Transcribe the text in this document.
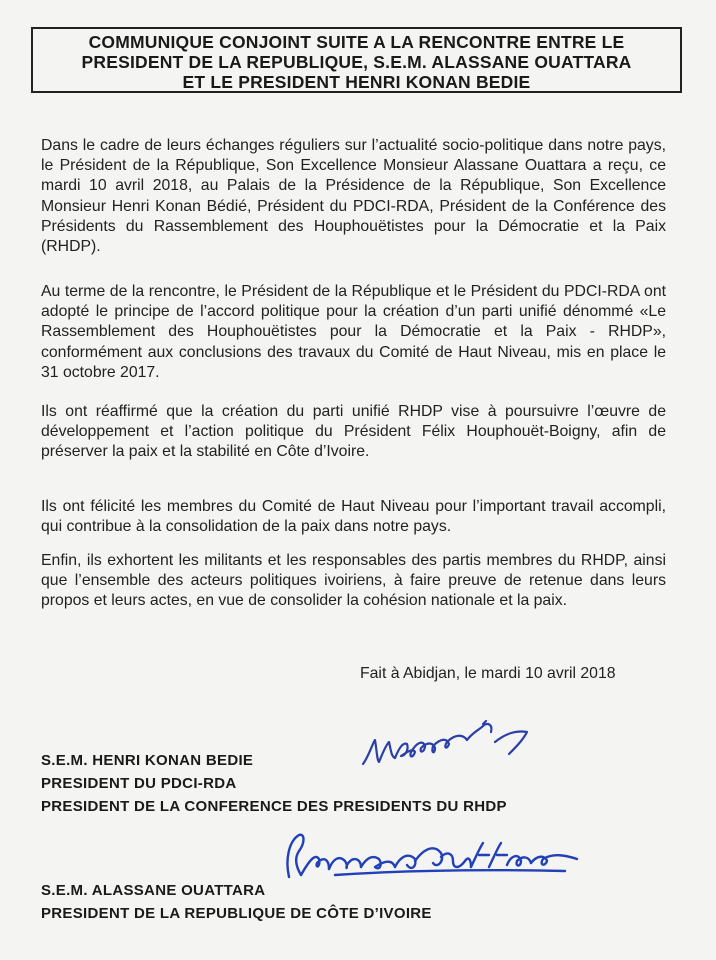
COMMUNIQUE CONJOINT SUITE A LA RENCONTRE ENTRE LE
PRESIDENT DE LA REPUBLIQUE, S.E.M. ALASSANE OUATTARA
ET LE PRESIDENT HENRI KONAN BEDIE

Dans le cadre de leurs échanges réguliers sur l’actualité socio-politique dans notre pays, le Président de la République, Son Excellence Monsieur Alassane Ouattara a reçu, ce mardi 10 avril 2018, au Palais de la Présidence de la République, Son Excellence Monsieur Henri Konan Bédié, Président du PDCI-RDA, Président de la Conférence des Présidents du Rassemblement des Houphouëtistes pour la Démocratie et la Paix (RHDP).

Au terme de la rencontre, le Président de la République et le Président du PDCI-RDA ont adopté le principe de l’accord politique pour la création d’un parti unifié dénommé «Le Rassemblement des Houphouëtistes pour la Démocratie et la Paix - RHDP», conformément aux conclusions des travaux du Comité de Haut Niveau, mis en place le 31 octobre 2017.

Ils ont réaffirmé que la création du parti unifié RHDP vise à poursuivre l’œuvre de développement et l’action politique du Président Félix Houphouët-Boigny, afin de préserver la paix et la stabilité en Côte d’Ivoire.

Ils ont félicité les membres du Comité de Haut Niveau pour l’important travail accompli, qui contribue à la consolidation de la paix dans notre pays.

Enfin, ils exhortent les militants et les responsables des partis membres du RHDP, ainsi que l’ensemble des acteurs politiques ivoiriens, à faire preuve de retenue dans leurs propos et leurs actes, en vue de consolider la cohésion nationale et la paix.

Fait à Abidjan, le mardi 10 avril 2018
S.E.M. HENRI KONAN BEDIE
PRESIDENT DU PDCI-RDA
PRESIDENT DE LA CONFERENCE DES PRESIDENTS DU RHDP
S.E.M. ALASSANE OUATTARA
PRESIDENT DE LA REPUBLIQUE DE CÔTE D’IVOIRE
